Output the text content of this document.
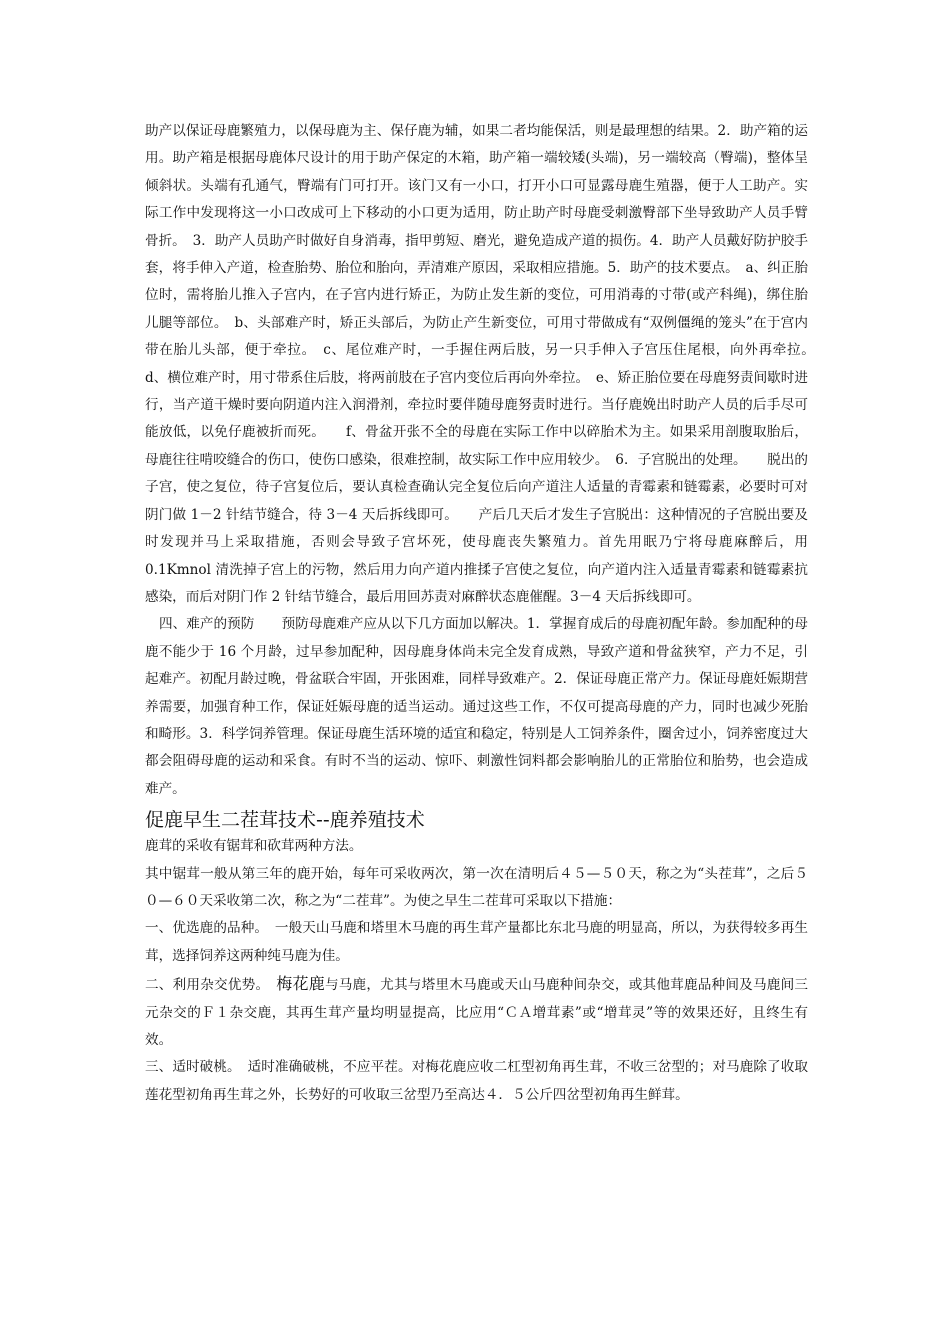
助产以保证母鹿繁殖力，以保母鹿为主、保仔鹿为辅，如果二者均能保活，则是最理想的结果。2．助产箱的运用。助产箱是根据母鹿体尺设计的用于助产保定的木箱，助产箱一端较矮(头端)，另一端较高（臀端)，整体呈倾斜状。头端有孔通气，臀端有门可打开。该门又有一小口，打开小口可显露母鹿生殖器，便于人工助产。实际工作中发现将这一小口改成可上下移动的小口更为适用，防止助产时母鹿受刺激臀部下坐导致助产人员手臂骨折。　3．助产人员助产时做好自身消毒，指甲剪短、磨光，避免造成产道的损伤。4．助产人员戴好防护胶手套，将手伸入产道，检查胎势、胎位和胎向，弄清难产原因，采取相应措施。5．助产的技术要点。　a、纠正胎位时，需将胎儿推入子宫内，在子宫内进行矫正，为防止发生新的变位，可用消毒的寸带(或产科绳)，绑住胎儿腿等部位。　b、头部难产时，矫正头部后，为防止产生新变位，可用寸带做成有“双例僵绳的笼头”在于宫内带在胎儿头部，便于牵拉。　c、尾位难产时，一手握住两后肢，另一只手伸入子宫压住尾根，向外再牵拉。　d、横位难产时，用寸带系住后肢，将两前肢在子宫内变位后再向外牵拉。　e、矫正胎位要在母鹿努责间歇时进行，当产道干燥时要向阴道内注入润滑剂，牵拉时要伴随母鹿努责时进行。当仔鹿娩出时助产人员的后手尽可能放低，以免仔鹿被折而死。　　f、骨盆开张不全的母鹿在实际工作中以碎胎术为主。如果采用剖腹取胎后，母鹿往往啃咬缝合的伤口，使伤口感染，很难控制，故实际工作中应用较少。　6．子宫脱出的处理。　　脱出的子宫，使之复位，待子宫复位后，要认真检查确认完全复位后向产道注人适量的青霉素和链霉素，必要时可对阴门做 1－2 针结节缝合，待 3－4 天后拆线即可。　　产后几天后才发生子宫脱出：这种情况的子宫脱出要及时发现并马上采取措施，否则会导致子宫坏死，使母鹿丧失繁殖力。首先用眠乃宁将母鹿麻醉后，用 0.1Kmnol 清洗掉子宫上的污物，然后用力向产道内推揉子宫使之复位，向产道内注入适量青霉素和链霉素抗感染，而后对阴门作 2 针结节缝合，最后用回苏责对麻醉状态鹿催醒。3－4 天后拆线即可。

四、难产的预防　　预防母鹿难产应从以下几方面加以解决。1．掌握育成后的母鹿初配年龄。参加配种的母鹿不能少于 16 个月龄，过早参加配种，因母鹿身体尚未完全发育成熟，导致产道和骨盆狭窄，产力不足，引起难产。初配月龄过晚，骨盆联合牢固，开张困难，同样导致难产。2．保证母鹿正常产力。保证母鹿妊娠期营养需要，加强育种工作，保证妊娠母鹿的适当运动。通过这些工作，不仅可提高母鹿的产力，同时也减少死胎和畸形。3．科学饲养管理。保证母鹿生活环境的适宜和稳定，特别是人工饲养条件，圈舍过小，饲养密度过大都会阻碍母鹿的运动和采食。有时不当的运动、惊吓、刺激性饲料都会影响胎儿的正常胎位和胎势，也会造成难产。

促鹿早生二茬茸技术--鹿养殖技术

鹿茸的采收有锯茸和砍茸两种方法。

其中锯茸一般从第三年的鹿开始，每年可采收两次，第一次在清明后４５—５０天，称之为“头茬茸”，之后５０—６０天采收第二次，称之为“二茬茸”。为使之早生二茬茸可采取以下措施：

一、优选鹿的品种。　一般天山马鹿和塔里木马鹿的再生茸产量都比东北马鹿的明显高，所以，为获得较多再生茸，选择饲养这两种纯马鹿为佳。

二、利用杂交优势。　梅花鹿与马鹿，尤其与塔里木马鹿或天山马鹿种间杂交，或其他茸鹿品种间及马鹿间三元杂交的Ｆ１杂交鹿，其再生茸产量均明显提高，比应用“ＣＡ增茸素”或“增茸灵”等的效果还好，且终生有效。

三、适时破桃。　适时准确破桃，不应平茬。对梅花鹿应收二杠型初角再生茸，不收三岔型的；对马鹿除了收取莲花型初角再生茸之外，长势好的可收取三岔型乃至高达４．５公斤四岔型初角再生鲜茸。
